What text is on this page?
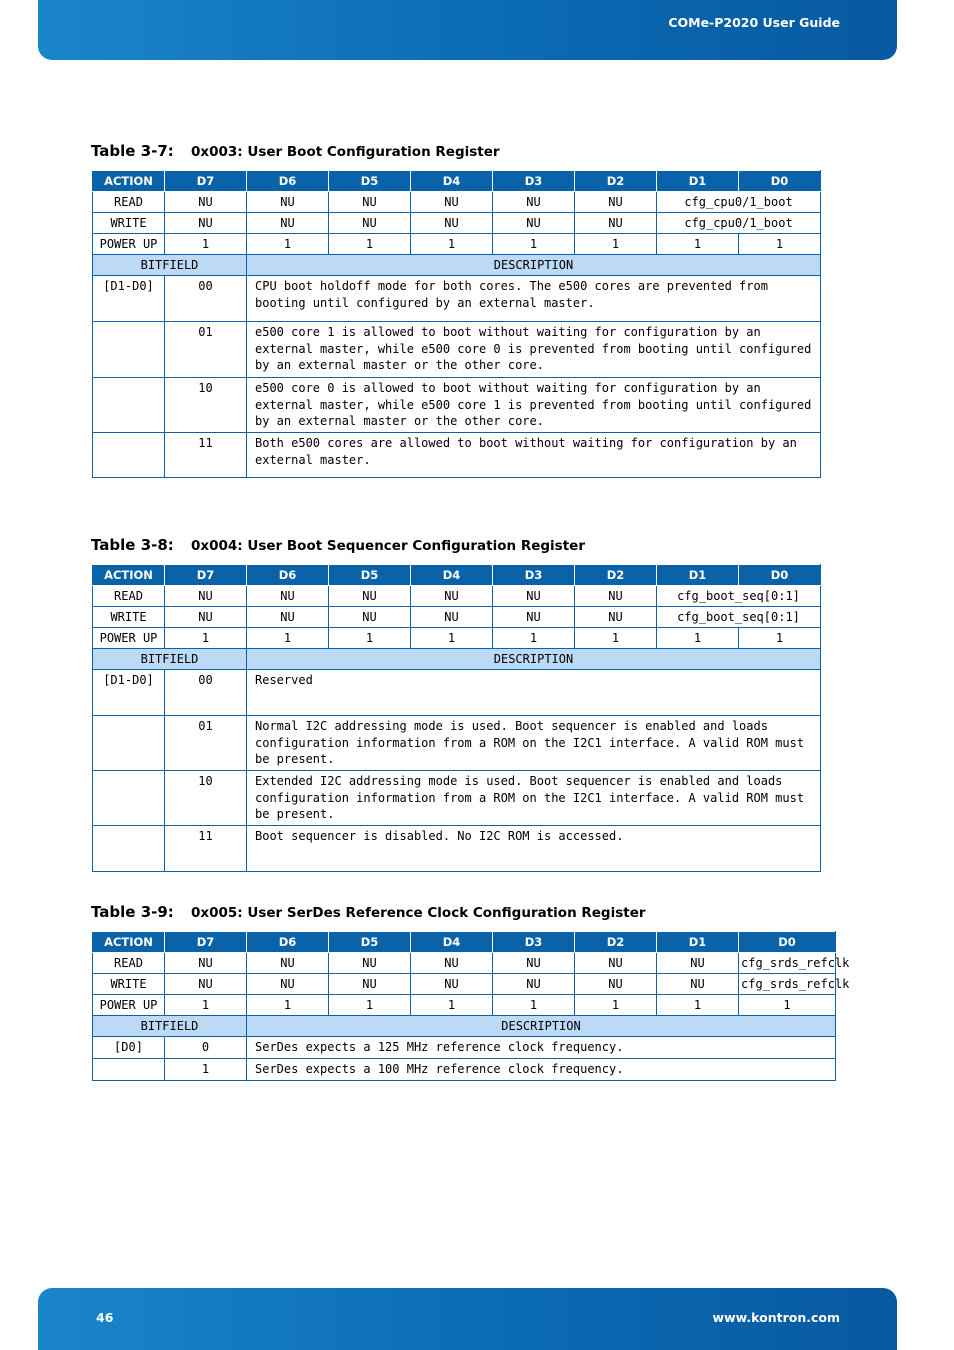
COMe-P2020 User Guide
Table 3-7: 0x003: User Boot Configuration Register
ACTION	D7	D6	D5	D4	D3	D2	D1	D0
READ	NU	NU	NU	NU	NU	NU	cfg_cpu0/1_boot	
WRITE	NU	NU	NU	NU	NU	NU	cfg_cpu0/1_boot	
POWER UP	1	1	1	1	1	1	1	1
BITFIELD		DESCRIPTION						
[D1-D0]	00	CPU boot holdoff mode for both cores. The e500 cores are prevented from booting until configured by an external master.						
	01	e500 core 1 is allowed to boot without waiting for configuration by an external master, while e500 core 0 is prevented from booting until configured by an external master or the other core.						
	10	e500 core 0 is allowed to boot without waiting for configuration by an external master, while e500 core 1 is prevented from booting until configured by an external master or the other core.						
	11	Both e500 cores are allowed to boot without waiting for configuration by an external master.						
Table 3-8: 0x004: User Boot Sequencer Configuration Register
ACTION	D7	D6	D5	D4	D3	D2	D1	D0
READ	NU	NU	NU	NU	NU	NU	cfg_boot_seq[0:1]	
WRITE	NU	NU	NU	NU	NU	NU	cfg_boot_seq[0:1]	
POWER UP	1	1	1	1	1	1	1	1
BITFIELD		DESCRIPTION						
[D1-D0]	00	Reserved						
	01	Normal I2C addressing mode is used. Boot sequencer is enabled and loads configuration information from a ROM on the I2C1 interface. A valid ROM must be present.						
	10	Extended I2C addressing mode is used. Boot sequencer is enabled and loads configuration information from a ROM on the I2C1 interface. A valid ROM must be present.						
	11	Boot sequencer is disabled. No I2C ROM is accessed.						
Table 3-9: 0x005: User SerDes Reference Clock Configuration Register
ACTION	D7	D6	D5	D4	D3	D2	D1	D0
READ	NU	NU	NU	NU	NU	NU	NU	cfg_srds_refclk
WRITE	NU	NU	NU	NU	NU	NU	NU	cfg_srds_refclk
POWER UP	1	1	1	1	1	1	1	1
BITFIELD		DESCRIPTION						
[D0]	0	SerDes expects a 125 MHz reference clock frequency.						
	1	SerDes expects a 100 MHz reference clock frequency.						
46	www.kontron.com
